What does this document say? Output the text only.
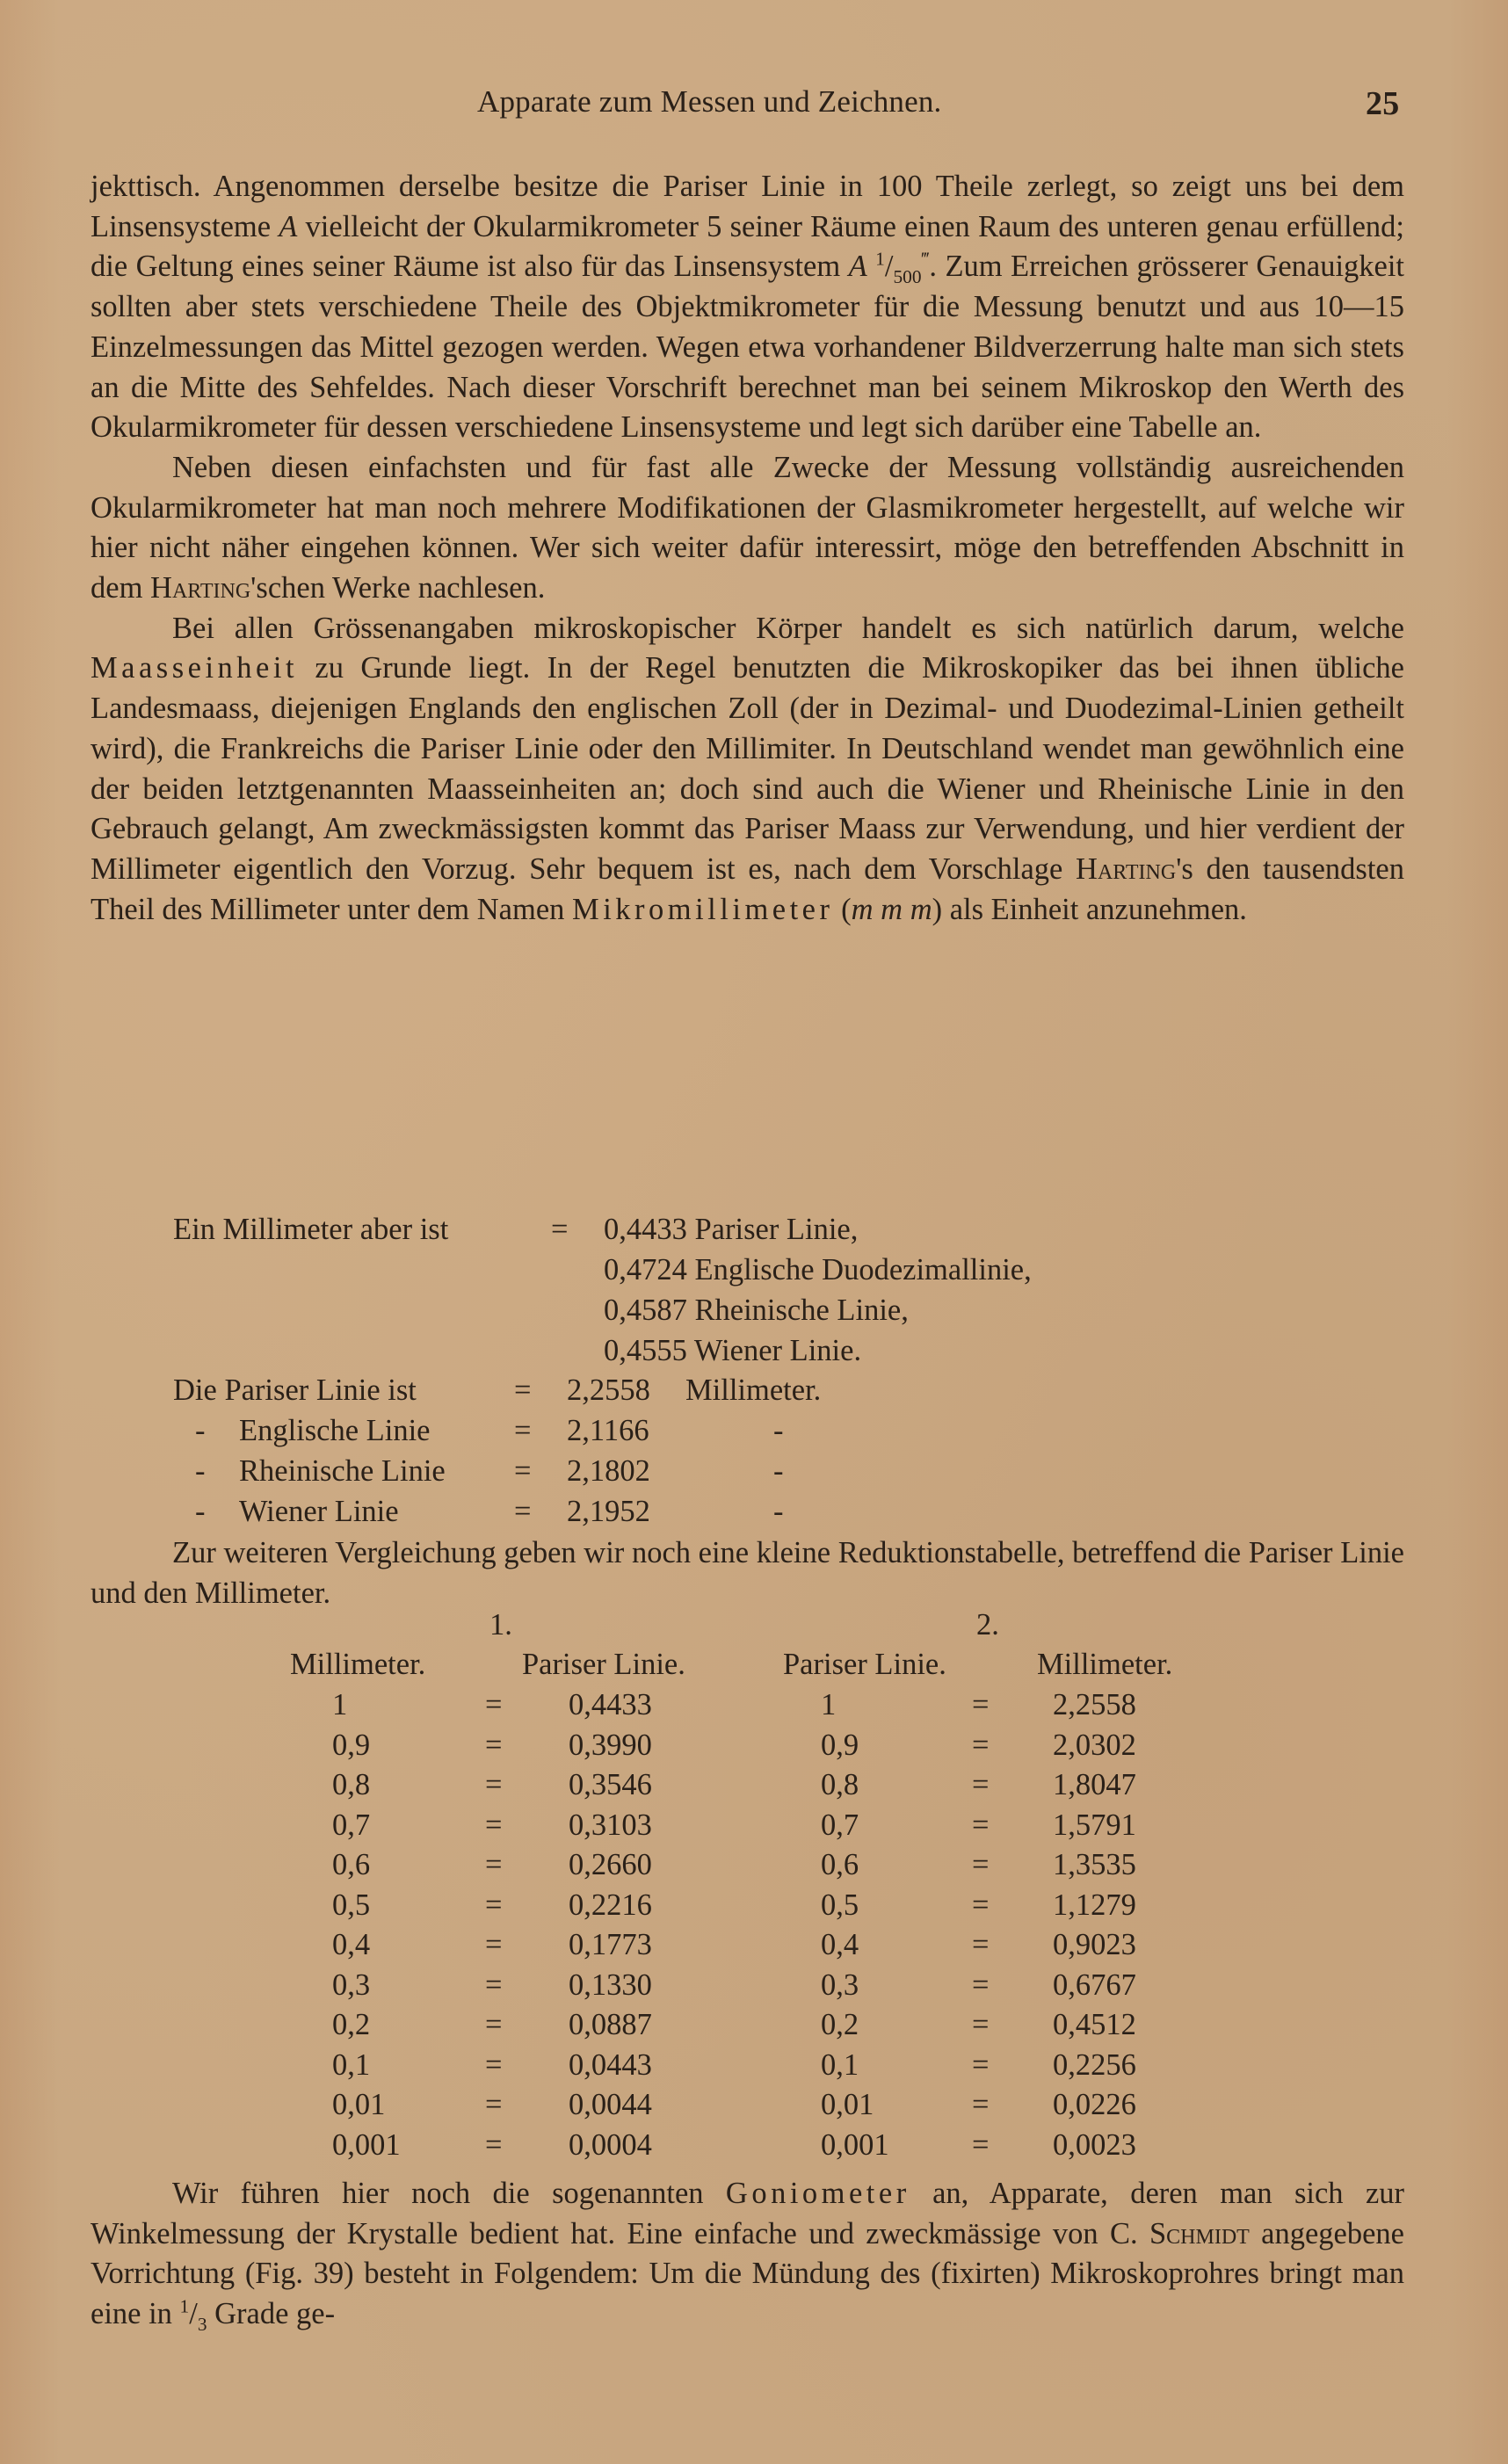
Apparate zum Messen und Zeichnen.	25

jekttisch. Angenommen derselbe besitze die Pariser Linie in 100 Theile zerlegt, so zeigt uns bei dem Linsensysteme A vielleicht der Okularmikrometer 5 seiner Räume einen Raum des unteren genau erfüllend; die Geltung eines seiner Räume ist also für das Linsensystem A $^1/_{500}^‴$. Zum Erreichen grösserer Genauigkeit sollten aber stets verschiedene Theile des Objektmikrometer für die Messung benutzt und aus 10—15 Einzelmessungen das Mittel gezogen werden. Wegen etwa vorhandener Bildverzerrung halte man sich stets an die Mitte des Sehfeldes. Nach dieser Vorschrift berechnet man bei seinem Mikroskop den Werth des Okularmikrometer für dessen verschiedene Linsensysteme und legt sich darüber eine Tabelle an.

Neben diesen einfachsten und für fast alle Zwecke der Messung vollständig ausreichenden Okularmikrometer hat man noch mehrere Modifikationen der Glasmikrometer hergestellt, auf welche wir hier nicht näher eingehen können. Wer sich weiter dafür interessirt, möge den betreffenden Abschnitt in dem Harting'schen Werke nachlesen.

Bei allen Grössenangaben mikroskopischer Körper handelt es sich natürlich darum, welche Maasseinheit zu Grunde liegt. In der Regel benutzten die Mikroskopiker das bei ihnen übliche Landesmaass, diejenigen Englands den englischen Zoll (der in Dezimal- und Duodezimal-Linien getheilt wird), die Frankreichs die Pariser Linie oder den Millimiter. In Deutschland wendet man gewöhnlich eine der beiden letztgenannten Maasseinheiten an; doch sind auch die Wiener und Rheinische Linie in den Gebrauch gelangt, Am zweckmässigsten kommt das Pariser Maass zur Verwendung, und hier verdient der Millimeter eigentlich den Vorzug. Sehr bequem ist es, nach dem Vorschlage Harting's den tausendsten Theil des Millimeter unter dem Namen Mikromillimeter (m m m) als Einheit anzunehmen.

Ein Millimeter aber ist	= 0,4433 Pariser Linie,
0,4724 Englische Duodezimallinie,
0,4587 Rheinische Linie,
0,4555 Wiener Linie.
Die Pariser Linie ist	= 2,2558 Millimeter.
- Englische Linie	= 2,1166	-
- Rheinische Linie = 2,1802	-
- Wiener Linie	= 2,1952	-

Zur weiteren Vergleichung geben wir noch eine kleine Reduktionstabelle, betreffend die Pariser Linie und den Millimeter.

1.	2.
Millimeter.	Pariser Linie.	Pariser Linie.	Millimeter.
1	= 0,4433	1	= 2,2558
0,9	= 0,3990	0,9	= 2,0302
0,8	= 0,3546	0,8	= 1,8047
0,7	= 0,3103	0,7	= 1,5791
0,6	= 0,2660	0,6	= 1,3535
0,5	= 0,2216	0,5	= 1,1279
0,4	= 0,1773	0,4	= 0,9023
0,3	= 0,1330	0,3	= 0,6767
0,2	= 0,0887	0,2	= 0,4512
0,1	= 0,0443	0,1	= 0,2256
0,01	= 0,0044	0,01	= 0,0226
0,001	= 0,0004	0,001	= 0,0023

Wir führen hier noch die sogenannten Goniometer an, Apparate, deren man sich zur Winkelmessung der Krystalle bedient hat. Eine einfache und zweckmässige von C. Schmidt angegebene Vorrichtung (Fig. 39) besteht in Folgendem: Um die Mündung des (fixirten) Mikroskoprohres bringt man eine in $^1/_3$ Grade ge-
